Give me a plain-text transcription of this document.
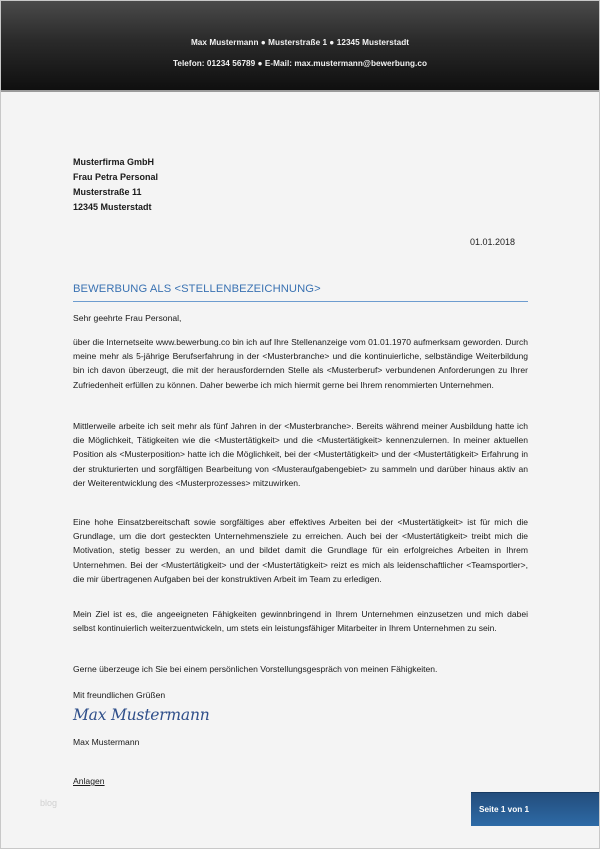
Max Mustermann ● Musterstraße 1 ● 12345 Musterstadt
Telefon: 01234 56789 ● E-Mail: max.mustermann@bewerbung.co
Musterfirma GmbH
Frau Petra Personal
Musterstraße 11
12345 Musterstadt
01.01.2018
BEWERBUNG ALS <STELLENBEZEICHNUNG>
Sehr geehrte Frau Personal,
über die Internetseite www.bewerbung.co bin ich auf Ihre Stellenanzeige vom 01.01.1970 aufmerksam geworden. Durch meine mehr als 5-jährige Berufserfahrung in der <Musterbranche> und die kontinuierliche, selbständige Weiterbildung bin ich davon überzeugt, die mit der herausfordernden Stelle als <Musterberuf> verbundenen Anforderungen zu Ihrer Zufriedenheit erfüllen zu können. Daher bewerbe ich mich hiermit gerne bei Ihrem renommierten Unternehmen.
Mittlerweile arbeite ich seit mehr als fünf Jahren in der <Musterbranche>. Bereits während meiner Ausbildung hatte ich die Möglichkeit, Tätigkeiten wie die <Mustertätigkeit> und die <Mustertätigkeit> kennenzulernen. In meiner aktuellen Position als <Musterposition> hatte ich die Möglichkeit, bei der <Mustertätigkeit> und der <Mustertätigkeit> Erfahrung in der strukturierten und sorgfältigen Bearbeitung von <Musteraufgabengebiet> zu sammeln und darüber hinaus aktiv an der Weiterentwicklung des <Musterprozesses> mitzuwirken.
Eine hohe Einsatzbereitschaft sowie sorgfältiges aber effektives Arbeiten bei der <Mustertätigkeit> ist für mich die Grundlage, um die dort gesteckten Unternehmensziele zu erreichen. Auch bei der <Mustertätigkeit> treibt mich die Motivation, stetig besser zu werden, an und bildet damit die Grundlage für ein erfolgreiches Arbeiten in Ihrem Unternehmen. Bei der <Mustertätigkeit> und der <Mustertätigkeit> reizt es mich als leidenschaftlicher <Teamsportler>, die mir übertragenen Aufgaben bei der konstruktiven Arbeit im Team zu erledigen.
Mein Ziel ist es, die angeeigneten Fähigkeiten gewinnbringend in Ihrem Unternehmen einzusetzen und mich dabei selbst kontinuierlich weiterzuentwickeln, um stets ein leistungsfähiger Mitarbeiter in Ihrem Unternehmen zu sein.
Gerne überzeuge ich Sie bei einem persönlichen Vorstellungsgespräch von meinen Fähigkeiten.
Mit freundlichen Grüßen
Max Mustermann
Max Mustermann
Anlagen
blog
Seite 1 von 1
